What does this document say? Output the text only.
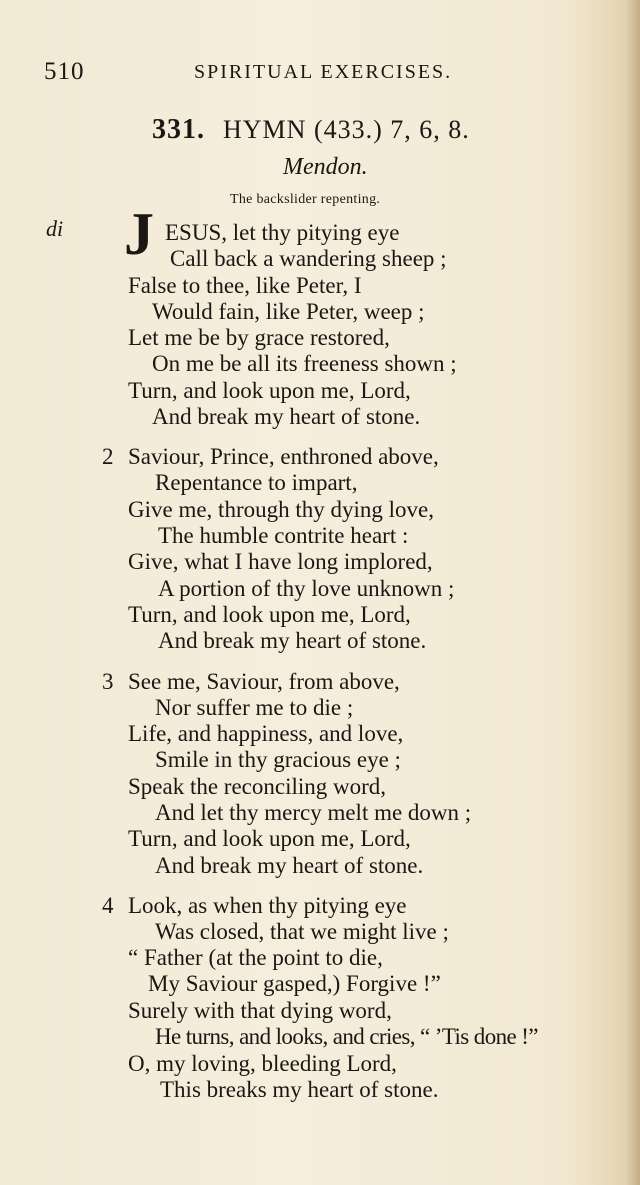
510	SPIRITUAL EXERCISES.
331. HYMN (433.) 7, 6, 8.
Mendon.
The backslider repenting.
di J ESUS, let thy pitying eye
Call back a wandering sheep ;
False to thee, like Peter, I
Would fain, like Peter, weep ;
Let me be by grace restored,
On me be all its freeness shown ;
Turn, and look upon me, Lord,
And break my heart of stone.
2 Saviour, Prince, enthroned above,
Repentance to impart,
Give me, through thy dying love,
The humble contrite heart :
Give, what I have long implored,
A portion of thy love unknown ;
Turn, and look upon me, Lord,
And break my heart of stone.
3 See me, Saviour, from above,
Nor suffer me to die ;
Life, and happiness, and love,
Smile in thy gracious eye ;
Speak the reconciling word,
And let thy mercy melt me down ;
Turn, and look upon me, Lord,
And break my heart of stone.
4 Look, as when thy pitying eye
Was closed, that we might live ;
“ Father (at the point to die,
My Saviour gasped,) Forgive !”
Surely with that dying word,
He turns, and looks, and cries, “ ’Tis done !”
O, my loving, bleeding Lord,
This breaks my heart of stone.
